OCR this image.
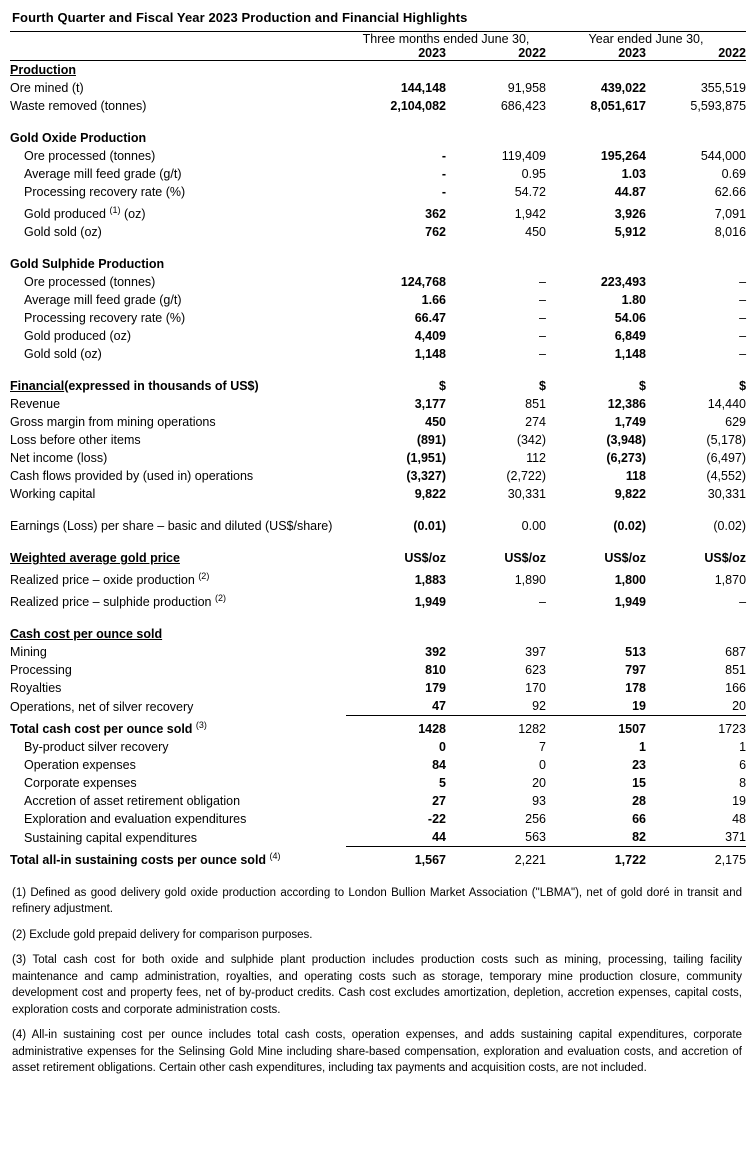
Fourth Quarter and Fiscal Year 2023 Production and Financial Highlights
	Three months ended June 30,		Year ended June 30,	
	2023	2022	2023	2022
Production				
Ore mined (t)	144,148	91,958	439,022	355,519
Waste removed (tonnes)	2,104,082	686,423	8,051,617	5,593,875

Gold Oxide Production				
Ore processed (tonnes)	-	119,409	195,264	544,000
Average mill feed grade (g/t)	-	0.95	1.03	0.69
Processing recovery rate (%)	-	54.72	44.87	62.66
Gold produced $^{(1)}$ (oz)	362	1,942	3,926	7,091
Gold sold (oz)	762	450	5,912	8,016

Gold Sulphide Production				
Ore processed (tonnes)	124,768	–	223,493	–
Average mill feed grade (g/t)	1.66	–	1.80	–
Processing recovery rate (%)	66.47	–	54.06	–
Gold produced (oz)	4,409	–	6,849	–
Gold sold (oz)	1,148	–	1,148	–

Financial(expressed in thousands of US$)	$	$	$	$
Revenue	3,177	851	12,386	14,440
Gross margin from mining operations	450	274	1,749	629
Loss before other items	(891)	(342)	(3,948)	(5,178)
Net income (loss)	(1,951)	112	(6,273)	(6,497)
Cash flows provided by (used in) operations	(3,327)	(2,722)	118	(4,552)
Working capital	9,822	30,331	9,822	30,331

Earnings (Loss) per share – basic and diluted (US$/share)	(0.01)	0.00	(0.02)	(0.02)

Weighted average gold price	US$/oz	US$/oz	US$/oz	US$/oz
Realized price – oxide production $^{(2)}$	1,883	1,890	1,800	1,870
Realized price – sulphide production $^{(2)}$	1,949	–	1,949	–

Cash cost per ounce sold				
Mining	392	397	513	687
Processing	810	623	797	851
Royalties	179	170	178	166
Operations, net of silver recovery	47	92	19	20
Total cash cost per ounce sold $^{(3)}$	1428	1282	1507	1723
By-product silver recovery	0	7	1	1
Operation expenses	84	0	23	6
Corporate expenses	5	20	15	8
Accretion of asset retirement obligation	27	93	28	19
Exploration and evaluation expenditures	-22	256	66	48
Sustaining capital expenditures	44	563	82	371
Total all-in sustaining costs per ounce sold $^{(4)}$	1,567	2,221	1,722	2,175

(1) Defined as good delivery gold oxide production according to London Bullion Market Association ("LBMA"), net of gold doré in transit and refinery adjustment.

(2) Exclude gold prepaid delivery for comparison purposes.

(3) Total cash cost for both oxide and sulphide plant production includes production costs such as mining, processing, tailing facility maintenance and camp administration, royalties, and operating costs such as storage, temporary mine production closure, community development cost and property fees, net of by-product credits. Cash cost excludes amortization, depletion, accretion expenses, capital costs, exploration costs and corporate administration costs.

(4) All-in sustaining cost per ounce includes total cash costs, operation expenses, and adds sustaining capital expenditures, corporate administrative expenses for the Selinsing Gold Mine including share-based compensation, exploration and evaluation costs, and accretion of asset retirement obligations. Certain other cash expenditures, including tax payments and acquisition costs, are not included.
